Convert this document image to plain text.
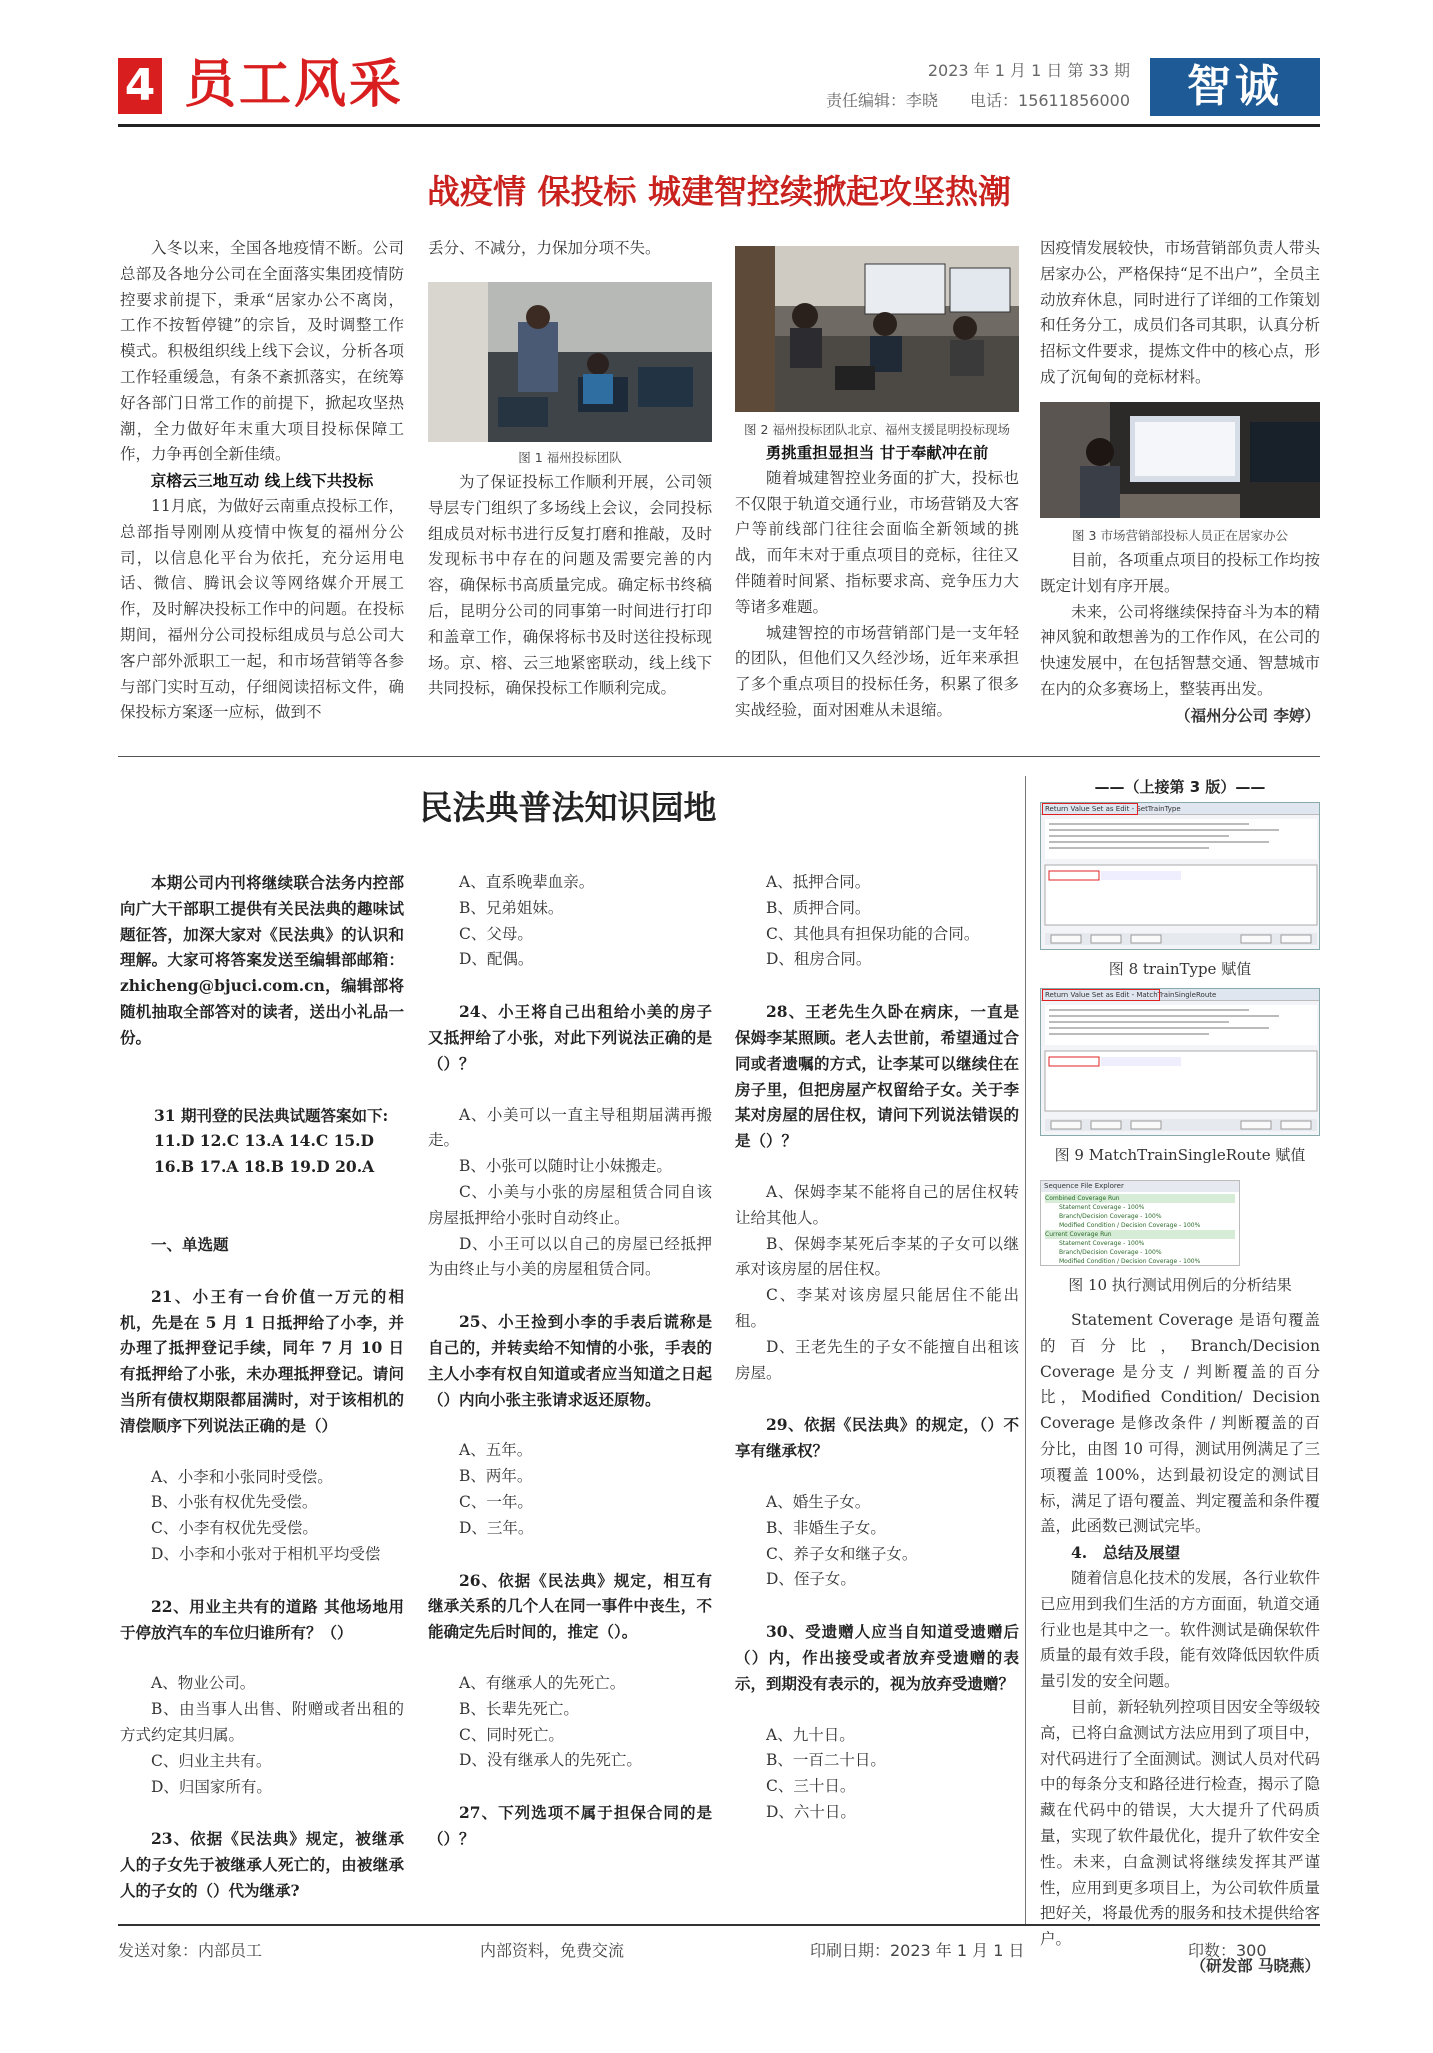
4 员工风采	2023 年 1 月 1 日 第 33 期
责任编辑：李晓　　 电话：15611856000	智诚
战疫情 保投标 城建智控续掀起攻坚热潮

入冬以来，全国各地疫情不断。公司总部及各地分公司在全面落实集团疫情防控要求前提下，秉承“居家办公不离岗，工作不按暂停键”的宗旨，及时调整工作模式。积极组织线上线下会议，分析各项工作轻重缓急，有条不紊抓落实，在统筹好各部门日常工作的前提下，掀起攻坚热潮，全力做好年末重大项目投标保障工作，力争再创全新佳绩。

京榕云三地互动 线上线下共投标

11月底，为做好云南重点投标工作，总部指导刚刚从疫情中恢复的福州分公司，以信息化平台为依托，充分运用电话、微信、腾讯会议等网络媒介开展工作，及时解决投标工作中的问题。在投标期间，福州分公司投标组成员与总公司大客户部外派职工一起，和市场营销等各参与部门实时互动，仔细阅读招标文件，确保投标方案逐一应标，做到不

丢分、不减分，力保加分项不失。

图 1 福州投标团队

为了保证投标工作顺利开展，公司领导层专门组织了多场线上会议，会同投标组成员对标书进行反复打磨和推敲，及时发现标书中存在的问题及需要完善的内容，确保标书高质量完成。确定标书终稿后，昆明分公司的同事第一时间进行打印和盖章工作，确保将标书及时送往投标现场。京、榕、云三地紧密联动，线上线下共同投标，确保投标工作顺利完成。

图 2 福州投标团队北京、福州支援昆明投标现场

勇挑重担显担当 甘于奉献冲在前

随着城建智控业务面的扩大，投标也不仅限于轨道交通行业，市场营销及大客户等前线部门往往会面临全新领域的挑战，而年末对于重点项目的竞标，往往又伴随着时间紧、指标要求高、竞争压力大等诸多难题。

城建智控的市场营销部门是一支年轻的团队，但他们又久经沙场，近年来承担了多个重点项目的投标任务，积累了很多实战经验，面对困难从未退缩。

因疫情发展较快，市场营销部负责人带头居家办公，严格保持“足不出户”，全员主动放弃休息，同时进行了详细的工作策划和任务分工，成员们各司其职，认真分析招标文件要求，提炼文件中的核心点，形成了沉甸甸的竞标材料。

图 3 市场营销部投标人员正在居家办公

目前，各项重点项目的投标工作均按既定计划有序开展。

未来，公司将继续保持奋斗为本的精神风貌和敢想善为的工作作风，在公司的快速发展中，在包括智慧交通、智慧城市在内的众多赛场上，整装再出发。

（福州分公司 李婷）

民法典普法知识园地

本期公司内刊将继续联合法务内控部向广大干部职工提供有关民法典的趣味试题征答，加深大家对《民法典》的认识和理解。大家可将答案发送至编辑部邮箱：zhicheng@bjuci.com.cn，编辑部将随机抽取全部答对的读者，送出小礼品一份。

31 期刊登的民法典试题答案如下:

11.D 12.C 13.A 14.C 15.D

16.B 17.A 18.B 19.D 20.A

一、单选题

21、小王有一台价值一万元的相机，先是在 5 月 1 日抵押给了小李，并办理了抵押登记手续，同年 7 月 10 日有抵押给了小张，未办理抵押登记。请问当所有债权期限都届满时，对于该相机的清偿顺序下列说法正确的是（）

A、小李和小张同时受偿。

B、小张有权优先受偿。

C、小李有权优先受偿。

D、小李和小张对于相机平均受偿

22、用业主共有的道路 其他场地用于停放汽车的车位归谁所有？（）

A、物业公司。

B、由当事人出售、附赠或者出租的方式约定其归属。

C、归业主共有。

D、归国家所有。

23、依据《民法典》规定，被继承人的子女先于被继承人死亡的，由被继承人的子女的（）代为继承?

A、直系晚辈血亲。

B、兄弟姐妹。

C、父母。

D、配偶。

24、小王将自己出租给小美的房子又抵押给了小张，对此下列说法正确的是（）？

A、小美可以一直主导租期届满再搬走。

B、小张可以随时让小妹搬走。

C、小美与小张的房屋租赁合同自该房屋抵押给小张时自动终止。

D、小王可以以自己的房屋已经抵押为由终止与小美的房屋租赁合同。

25、小王捡到小李的手表后谎称是自己的，并转卖给不知情的小张，手表的主人小李有权自知道或者应当知道之日起（）内向小张主张请求返还原物。

A、五年。

B、两年。

C、一年。

D、三年。

26、依据《民法典》规定，相互有继承关系的几个人在同一事件中丧生，不能确定先后时间的，推定（）。

A、有继承人的先死亡。

B、长辈先死亡。

C、同时死亡。

D、没有继承人的先死亡。

27、下列选项不属于担保合同的是（）？

A、抵押合同。

B、质押合同。

C、其他具有担保功能的合同。

D、租房合同。

28、王老先生久卧在病床，一直是保姆李某照顾。老人去世前，希望通过合同或者遗嘱的方式，让李某可以继续住在房子里，但把房屋产权留给子女。关于李某对房屋的居住权，请问下列说法错误的是（）？

A、保姆李某不能将自己的居住权转让给其他人。

B、保姆李某死后李某的子女可以继承对该房屋的居住权。

C、李某对该房屋只能居住不能出租。

D、王老先生的子女不能擅自出租该房屋。

29、依据《民法典》的规定，（）不享有继承权？

A、婚生子女。

B、非婚生子女。

C、养子女和继子女。

D、侄子女。

30、受遗赠人应当自知道受遗赠后（）内，作出接受或者放弃受遗赠的表示，到期没有表示的，视为放弃受遗赠？

A、九十日。

B、一百二十日。

C、三十日。

D、六十日。

——（上接第 3 版）——
Return Value Set as Edit - SetTrainType
图 8 trainType 赋值
Return Value Set as Edit - MatchTrainSingleRoute
图 9 MatchTrainSingleRoute 赋值
Sequence File Explorer
Combined Coverage Run
Statement Coverage - 100%
Branch/Decision Coverage - 100%
Modified Condition / Decision Coverage - 100%
Current Coverage Run
Statement Coverage - 100%
Branch/Decision Coverage - 100%
Modified Condition / Decision Coverage - 100%
图 10 执行测试用例后的分析结果

Statement Coverage 是语句覆盖的百分比，Branch/Decision Coverage 是分支 / 判断覆盖的百分比，Modified Condition/ Decision Coverage 是修改条件 / 判断覆盖的百分比，由图 10 可得，测试用例满足了三项覆盖 100%，达到最初设定的测试目标，满足了语句覆盖、判定覆盖和条件覆盖，此函数已测试完毕。

4.　总结及展望

随着信息化技术的发展，各行业软件已应用到我们生活的方方面面，轨道交通行业也是其中之一。软件测试是确保软件质量的最有效手段，能有效降低因软件质量引发的安全问题。

目前，新轻轨列控项目因安全等级较高，已将白盒测试方法应用到了项目中，对代码进行了全面测试。测试人员对代码中的每条分支和路径进行检查，揭示了隐藏在代码中的错误，大大提升了代码质量，实现了软件最优化，提升了软件安全性。未来，白盒测试将继续发挥其严谨性，应用到更多项目上，为公司软件质量把好关，将最优秀的服务和技术提供给客户。

（研发部 马晓燕）

发送对象：内部员工	内部资料，免费交流	印刷日期：2023 年 1 月 1 日	印数：300
